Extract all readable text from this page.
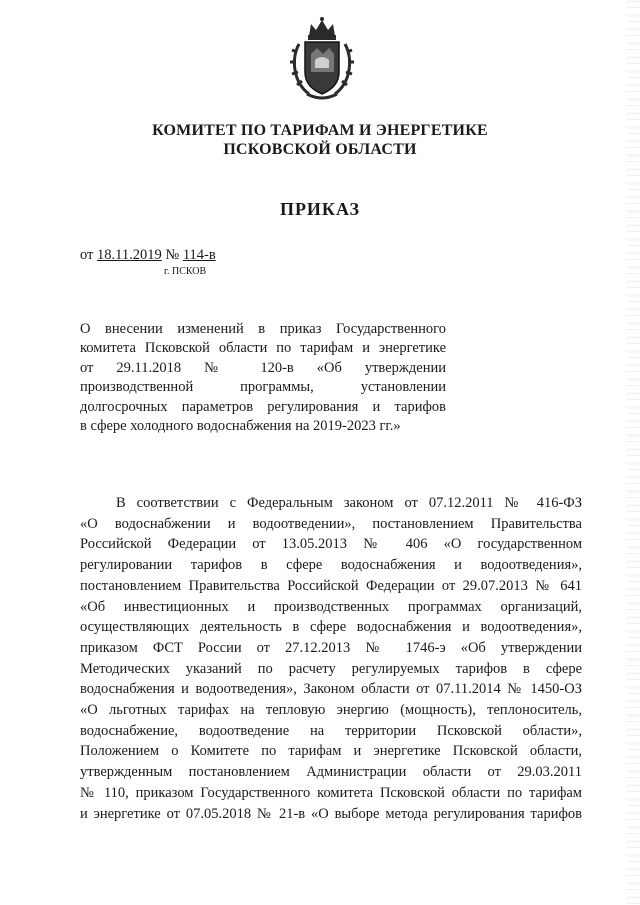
КОМИТЕТ ПО ТАРИФАМ И ЭНЕРГЕТИКЕ
ПСКОВСКОЙ ОБЛАСТИ
ПРИКАЗ
от 18.11.2019 № 114-в
г. ПСКОВ
О внесении изменений в приказ Государственного
комитета Псковской области по тарифам и энергетике
от 29.11.2018 № 120-в «Об утверждении
производственной программы, установлении
долгосрочных параметров регулирования и тарифов
в сфере холодного водоснабжения на 2019-2023 гг.»
В соответствии с Федеральным законом от 07.12.2011 № 416-ФЗ
«О водоснабжении и водоотведении», постановлением Правительства
Российской Федерации от 13.05.2013 № 406 «О государственном
регулировании тарифов в сфере водоснабжения и водоотведения»,
постановлением Правительства Российской Федерации от 29.07.2013 № 641
«Об инвестиционных и производственных программах организаций,
осуществляющих деятельность в сфере водоснабжения и водоотведения»,
приказом ФСТ России от 27.12.2013 № 1746-э «Об утверждении
Методических указаний по расчету регулируемых тарифов в сфере
водоснабжения и водоотведения», Законом области от 07.11.2014 № 1450-ОЗ
«О льготных тарифах на тепловую энергию (мощность), теплоноситель,
водоснабжение, водоотведение на территории Псковской области»,
Положением о Комитете по тарифам и энергетике Псковской области,
утвержденным постановлением Администрации области от 29.03.2011
№ 110, приказом Государственного комитета Псковской области по тарифам
и энергетике от 07.05.2018 № 21-в «О выборе метода регулирования тарифов
